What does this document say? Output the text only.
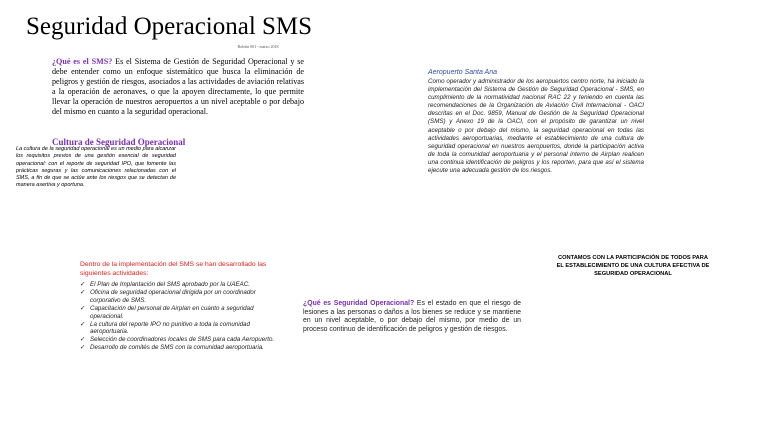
Seguridad Operacional SMS
Boletín 001 - marzo 2018
¿Qué es el SMS? Es el Sistema de Gestión de Seguridad Operacional y se debe entender como un enfoque sistemático que busca la eliminación de peligros y gestión de riesgos, asociados a las actividades de aviación relativas a la operación de aeronaves, o que la apoyen directamente, lo que permite llevar la operación de nuestros aeropuertos a un nivel aceptable o por debajo del mismo en cuanto a la seguridad operacional.
Cultura de Seguridad Operacional
La cultura de la seguridad operacional es un medio para alcanzar los requisitos previos de una gestión esencial de seguridad operacional: con el reporte de seguridad IPO, que fomente las prácticas seguras y las comunicaciones relacionadas con el SMS, a fin de que se actúe ante los riesgos que se detectan de manera asertiva y oportuna.
Aeropuerto Santa Ana
Como operador y administrador de los aeropuertos centro norte, ha iniciado la implementación del Sistema de Gestión de Seguridad Operacional - SMS, en cumplimiento de la normatividad nacional RAC 22 y teniendo en cuenta las recomendaciones de la Organización de Aviación Civil Internacional - OACI descritas en el Doc. 9859, Manual de Gestión de la Seguridad Operacional (SMS) y Anexo 19 de la OACI, con el propósito de garantizar un nivel aceptable o por debajo del mismo, la seguridad operacional en todas las actividades aeroportuarias, mediante el establecimiento de una cultura de seguridad operacional en nuestros aeropuertos, donde la participación activa de toda la comunidad aeroportuaria y el personal interno de Airplan realicen una continua identificación de peligros y los reporten, para que así el sistema ejecute una adecuada gestión de los riesgos.

Dentro de la implementación del SMS se han desarrollado las siguientes actividades:

✓ El Plan de Implantación del SMS aprobado por la UAEAC.
✓ Oficina de seguridad operacional dirigida por un coordinador corporativo de SMS.
✓ Capacitación del personal de Airplan en cuanto a seguridad operacional.
✓ La cultura del reporte IPO no punitivo a toda la comunidad aeroportuaria.
✓ Selección de coordinadores locales de SMS para cada Aeropuerto.
✓ Desarrollo de comités de SMS con la comunidad aeroportuaria.
CONTAMOS CON LA PARTICIPACIÓN DE TODOS PARA EL ESTABLECIMIENTO DE UNA CULTURA EFECTIVA DE SEGURIDAD OPERACIONAL
¿Qué es Seguridad Operacional? Es el estado en que el riesgo de lesiones a las personas o daños a los bienes se reduce y se mantiene en un nivel aceptable, o por debajo del mismo, por medio de un proceso continuo de identificación de peligros y gestión de riesgos.
